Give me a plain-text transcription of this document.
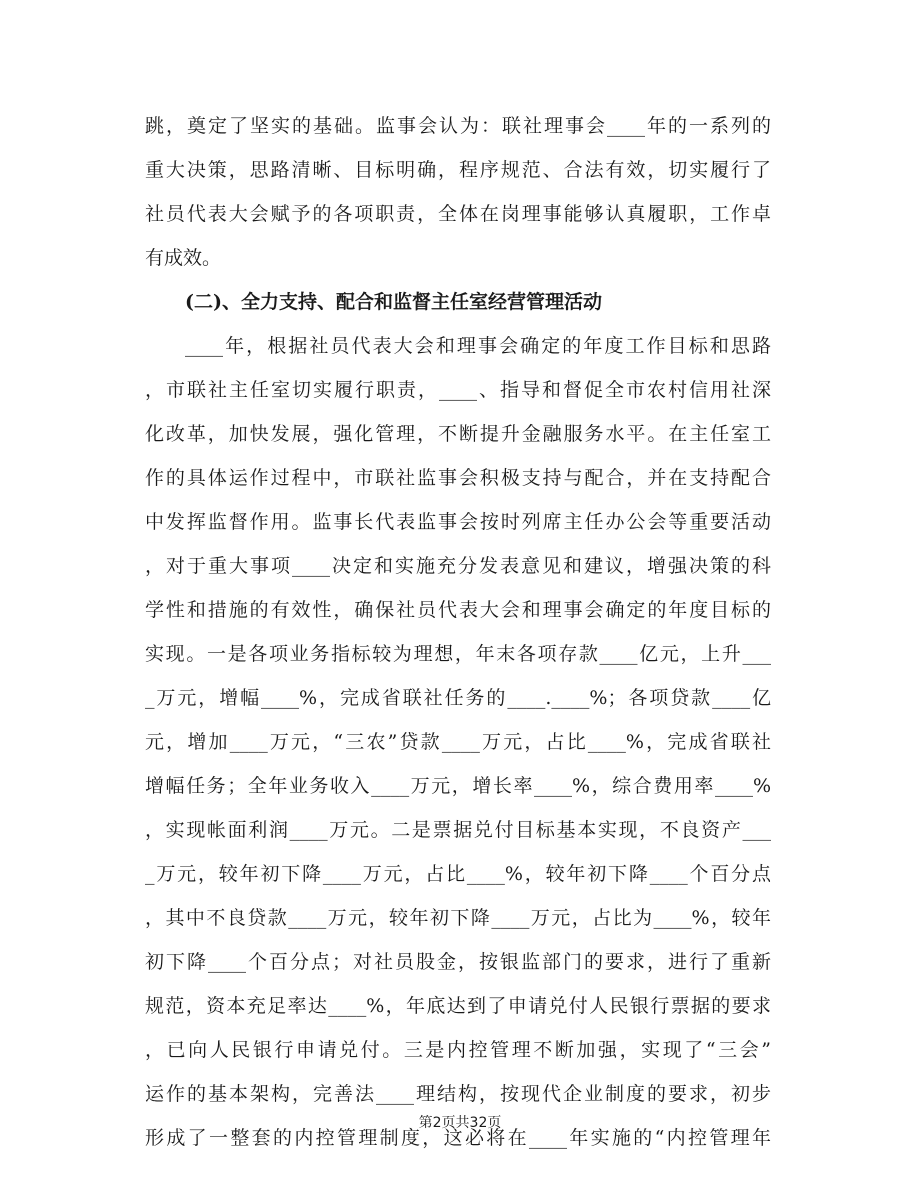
跳，奠定了坚实的基础。监事会认为：联社理事会____年的一系列的
重大决策，思路清晰、目标明确，程序规范、合法有效，切实履行了
社员代表大会赋予的各项职责，全体在岗理事能够认真履职，工作卓
有成效。
(二)、全力支持、配合和监督主任室经营管理活动
____年，根据社员代表大会和理事会确定的年度工作目标和思路
，市联社主任室切实履行职责，____、指导和督促全市农村信用社深
化改革，加快发展，强化管理，不断提升金融服务水平。在主任室工
作的具体运作过程中，市联社监事会积极支持与配合，并在支持配合
中发挥监督作用。监事长代表监事会按时列席主任办公会等重要活动
，对于重大事项____决定和实施充分发表意见和建议，增强决策的科
学性和措施的有效性，确保社员代表大会和理事会确定的年度目标的
实现。一是各项业务指标较为理想，年末各项存款____亿元，上升___
_万元，增幅____%，完成省联社任务的____.____%；各项贷款____亿
元，增加____万元，“三农”贷款____万元，占比____%，完成省联社
增幅任务；全年业务收入____万元，增长率____%，综合费用率____%
，实现帐面利润____万元。二是票据兑付目标基本实现，不良资产___
_万元，较年初下降____万元，占比____%，较年初下降____个百分点
，其中不良贷款____万元，较年初下降____万元，占比为____%，较年
初下降____个百分点；对社员股金，按银监部门的要求，进行了重新
规范，资本充足率达____%，年底达到了申请兑付人民银行票据的要求
，已向人民银行申请兑付。三是内控管理不断加强，实现了“三会”
运作的基本架构，完善法____理结构，按现代企业制度的要求，初步
形成了一整套的内控管理制度，这必将在____年实施的“内控管理年
第2页共32页
